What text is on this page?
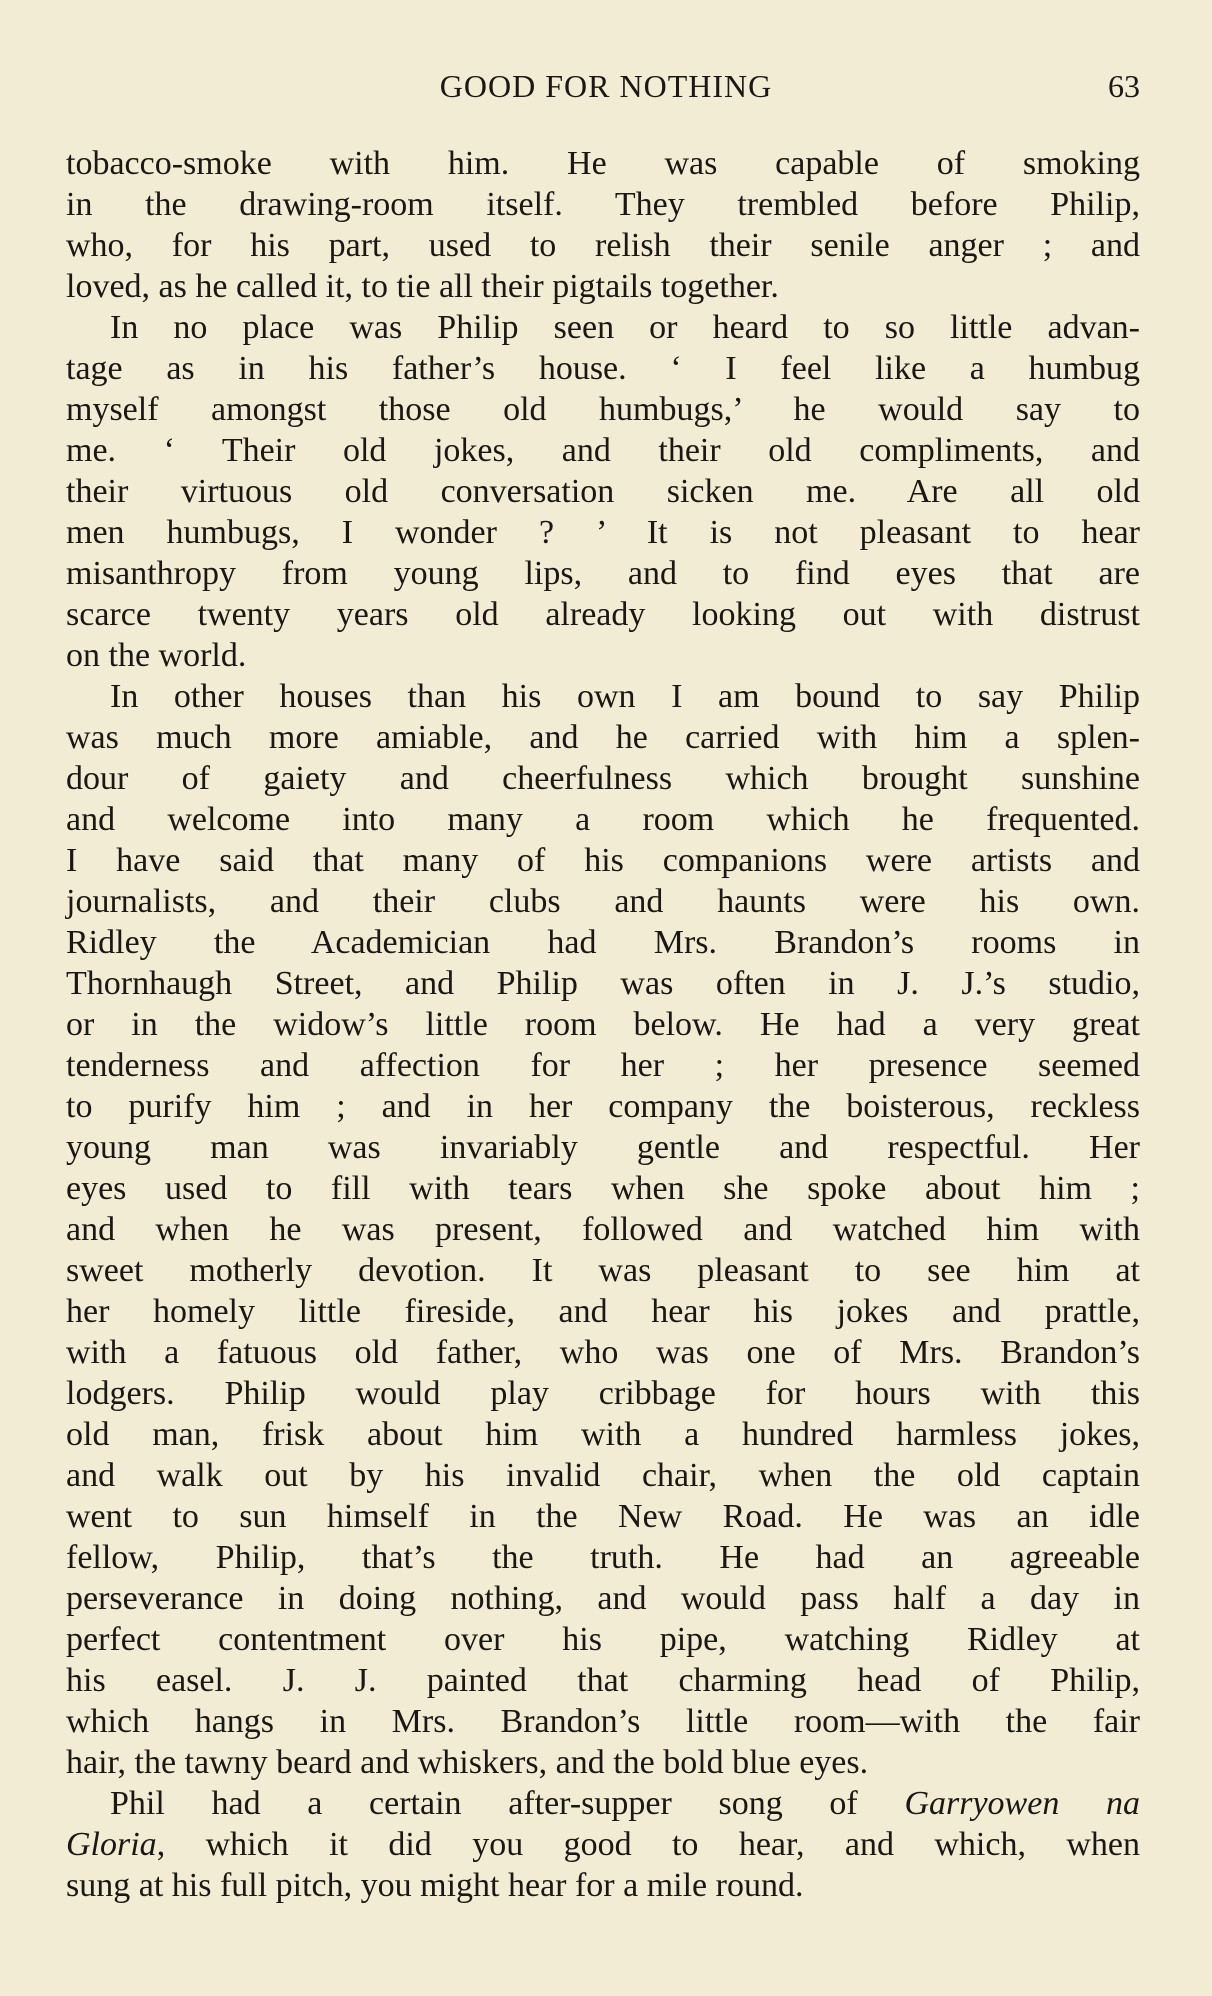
GOOD FOR NOTHING	63
tobacco-smoke with him. He was capable of smoking
in the drawing-room itself. They trembled before Philip,
who, for his part, used to relish their senile anger ; and
loved, as he called it, to tie all their pigtails together.
In no place was Philip seen or heard to so little advan-
tage as in his father’s house. ‘ I feel like a humbug
myself amongst those old humbugs,’ he would say to
me. ‘ Their old jokes, and their old compliments, and
their virtuous old conversation sicken me. Are all old
men humbugs, I wonder ? ’ It is not pleasant to hear
misanthropy from young lips, and to find eyes that are
scarce twenty years old already looking out with distrust
on the world.
In other houses than his own I am bound to say Philip
was much more amiable, and he carried with him a splen-
dour of gaiety and cheerfulness which brought sunshine
and welcome into many a room which he frequented.
I have said that many of his companions were artists and
journalists, and their clubs and haunts were his own.
Ridley the Academician had Mrs. Brandon’s rooms in
Thornhaugh Street, and Philip was often in J. J.’s studio,
or in the widow’s little room below. He had a very great
tenderness and affection for her ; her presence seemed
to purify him ; and in her company the boisterous, reckless
young man was invariably gentle and respectful. Her
eyes used to fill with tears when she spoke about him ;
and when he was present, followed and watched him with
sweet motherly devotion. It was pleasant to see him at
her homely little fireside, and hear his jokes and prattle,
with a fatuous old father, who was one of Mrs. Brandon’s
lodgers. Philip would play cribbage for hours with this
old man, frisk about him with a hundred harmless jokes,
and walk out by his invalid chair, when the old captain
went to sun himself in the New Road. He was an idle
fellow, Philip, that’s the truth. He had an agreeable
perseverance in doing nothing, and would pass half a day in
perfect contentment over his pipe, watching Ridley at
his easel. J. J. painted that charming head of Philip,
which hangs in Mrs. Brandon’s little room—with the fair
hair, the tawny beard and whiskers, and the bold blue eyes.
Phil had a certain after-supper song of Garryowen na
Gloria, which it did you good to hear, and which, when
sung at his full pitch, you might hear for a mile round.
